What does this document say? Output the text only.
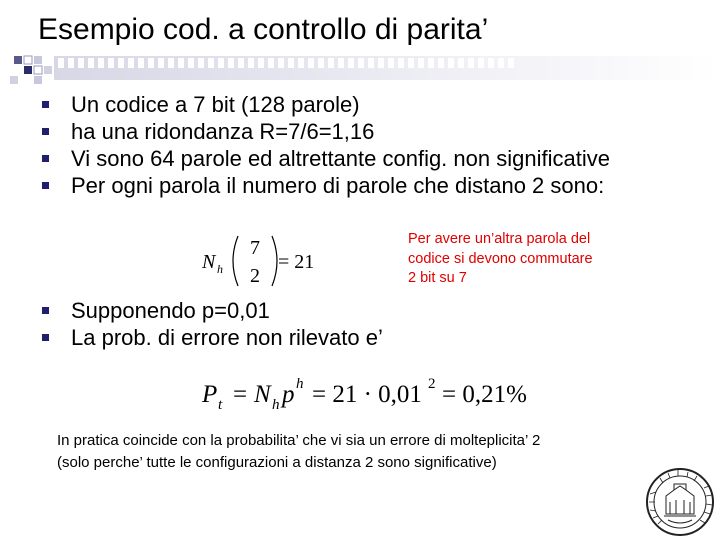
Esempio cod. a controllo di parita’
Un codice a 7 bit (128 parole)
ha una ridondanza R=7/6=1,16
Vi sono 64 parole ed altrettante config. non significative
Per ogni parola il numero di parole che distano 2 sono:
N h
7
2
= 21
Per avere un’altra parola del
codice si devono commutare
2 bit su 7
Supponendo p=0,01
La prob. di errore non rilevato e’
P t = N h p h = 21 · 0,01 2 = 0,21%
In pratica coincide con la probabilita’ che vi sia un errore di molteplicita’ 2
(solo perche’ tutte le configurazioni a distanza 2 sono significative)
